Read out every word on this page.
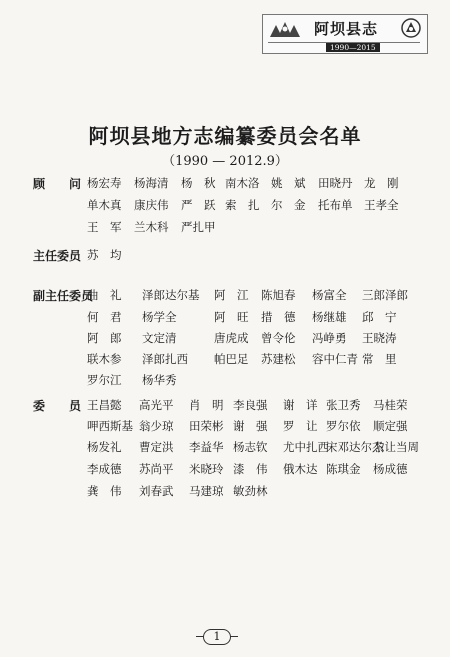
阿坝县志
1990—2015
阿坝县地方志编纂委员会名单
（1990 — 2012.9）
顾　　问
主任委员
副主任委员
委　　员
杨宏寿 杨海清 杨　秋 南木洛 姚　斌 田晓丹 龙　刚
单木真 康庆伟 严　跃 索　扎 尔　金 托布单 王孝全
王　军 兰木科 严扎甲
苏　均
曲　礼 泽郎达尔基 阿　江 陈旭春 杨富全 三郎泽郎
何　君 杨学全	阿　旺 措　德 杨继雄 邱　宁
阿　郎 文定清	唐虎成 曾令伦 冯峥勇 王晓涛
联木参 泽郎扎西 帕巴足 苏建松 容中仁青 常　里
罗尔江 杨华秀
王昌懿 高光平 肖　明 李良强 谢　详 张卫秀 马桂荣
呷西斯基 翁少琼 田荣彬 谢　强 罗　让 罗尔依 顺定强
杨发礼 曹定洪 李益华 杨志钦 尤中扎西
宋邓达尔杰
尕让当周
李成德 苏尚平 米晓玲 漆　伟 俄木达 陈琪金 杨成德
龚　伟 刘春武 马建琼 敏劲林
1
